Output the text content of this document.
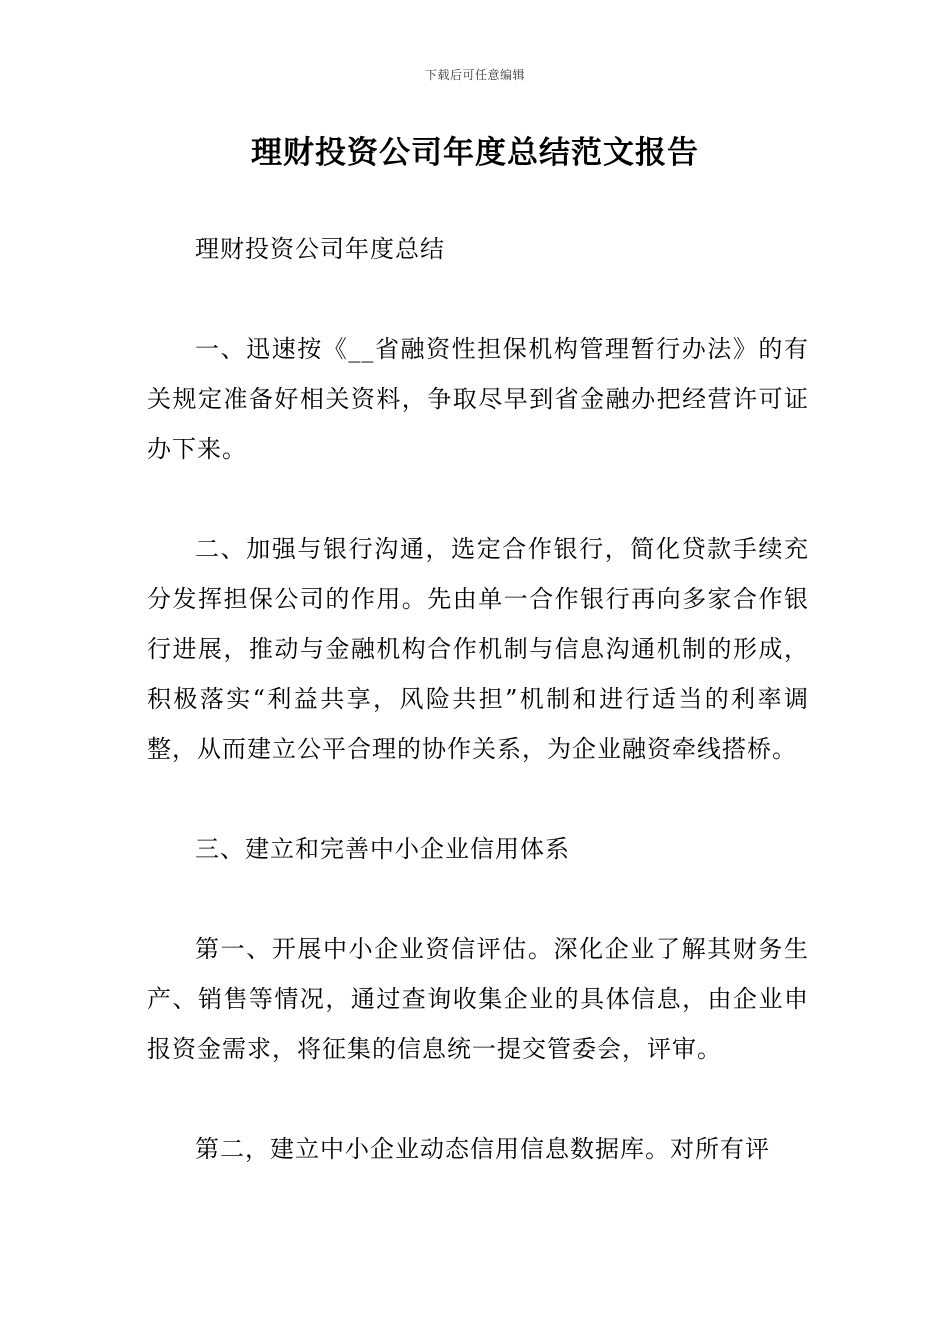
下载后可任意编辑
理财投资公司年度总结范文报告

理财投资公司年度总结

一、迅速按《__省融资性担保机构管理暂行办法》的有关规定准备好相关资料，争取尽早到省金融办把经营许可证办下来。

二、加强与银行沟通，选定合作银行，简化贷款手续充分发挥担保公司的作用。先由单一合作银行再向多家合作银行进展，推动与金融机构合作机制与信息沟通机制的形成，积极落实“利益共享，风险共担”机制和进行适当的利率调整，从而建立公平合理的协作关系，为企业融资牵线搭桥。

三、建立和完善中小企业信用体系

第一、开展中小企业资信评估。深化企业了解其财务生产、销售等情况，通过查询收集企业的具体信息，由企业申报资金需求，将征集的信息统一提交管委会，评审。

第二，建立中小企业动态信用信息数据库。对所有评
